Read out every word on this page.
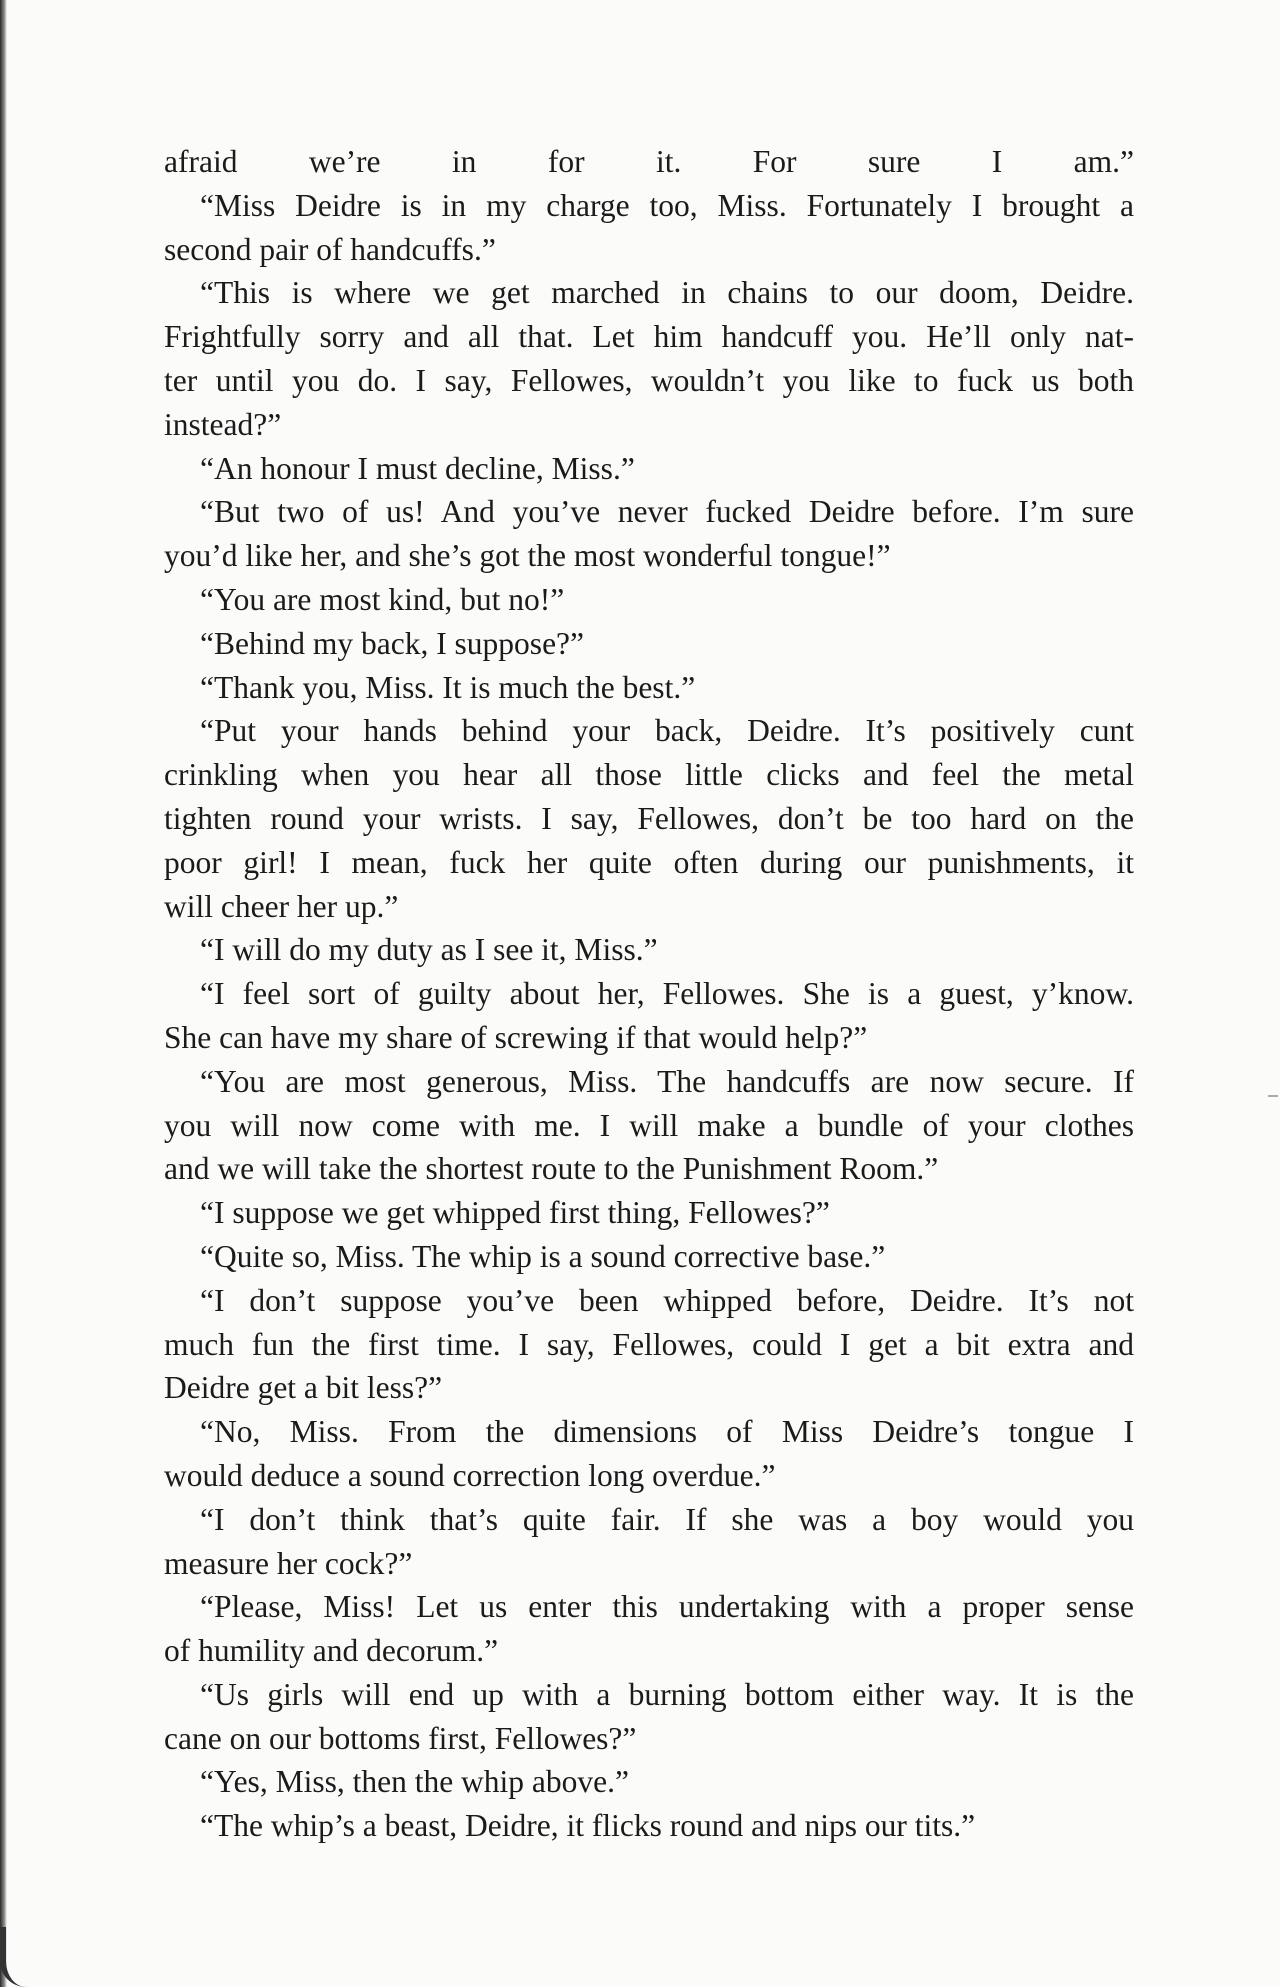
afraid we’re in for it. For sure I am.”
“Miss Deidre is in my charge too, Miss. Fortunately I brought a
second pair of handcuffs.”
“This is where we get marched in chains to our doom, Deidre.
Frightfully sorry and all that. Let him handcuff you. He’ll only nat-
ter until you do. I say, Fellowes, wouldn’t you like to fuck us both
instead?”
“An honour I must decline, Miss.”
“But two of us! And you’ve never fucked Deidre before. I’m sure
you’d like her, and she’s got the most wonderful tongue!”
“You are most kind, but no!”
“Behind my back, I suppose?”
“Thank you, Miss. It is much the best.”
“Put your hands behind your back, Deidre. It’s positively cunt
crinkling when you hear all those little clicks and feel the metal
tighten round your wrists. I say, Fellowes, don’t be too hard on the
poor girl! I mean, fuck her quite often during our punishments, it
will cheer her up.”
“I will do my duty as I see it, Miss.”
“I feel sort of guilty about her, Fellowes. She is a guest, y’know.
She can have my share of screwing if that would help?”
“You are most generous, Miss. The handcuffs are now secure. If
you will now come with me. I will make a bundle of your clothes
and we will take the shortest route to the Punishment Room.”
“I suppose we get whipped first thing, Fellowes?”
“Quite so, Miss. The whip is a sound corrective base.”
“I don’t suppose you’ve been whipped before, Deidre. It’s not
much fun the first time. I say, Fellowes, could I get a bit extra and
Deidre get a bit less?”
“No, Miss. From the dimensions of Miss Deidre’s tongue I
would deduce a sound correction long overdue.”
“I don’t think that’s quite fair. If she was a boy would you
measure her cock?”
“Please, Miss! Let us enter this undertaking with a proper sense
of humility and decorum.”
“Us girls will end up with a burning bottom either way. It is the
cane on our bottoms first, Fellowes?”
“Yes, Miss, then the whip above.”
“The whip’s a beast, Deidre, it flicks round and nips our tits.”
